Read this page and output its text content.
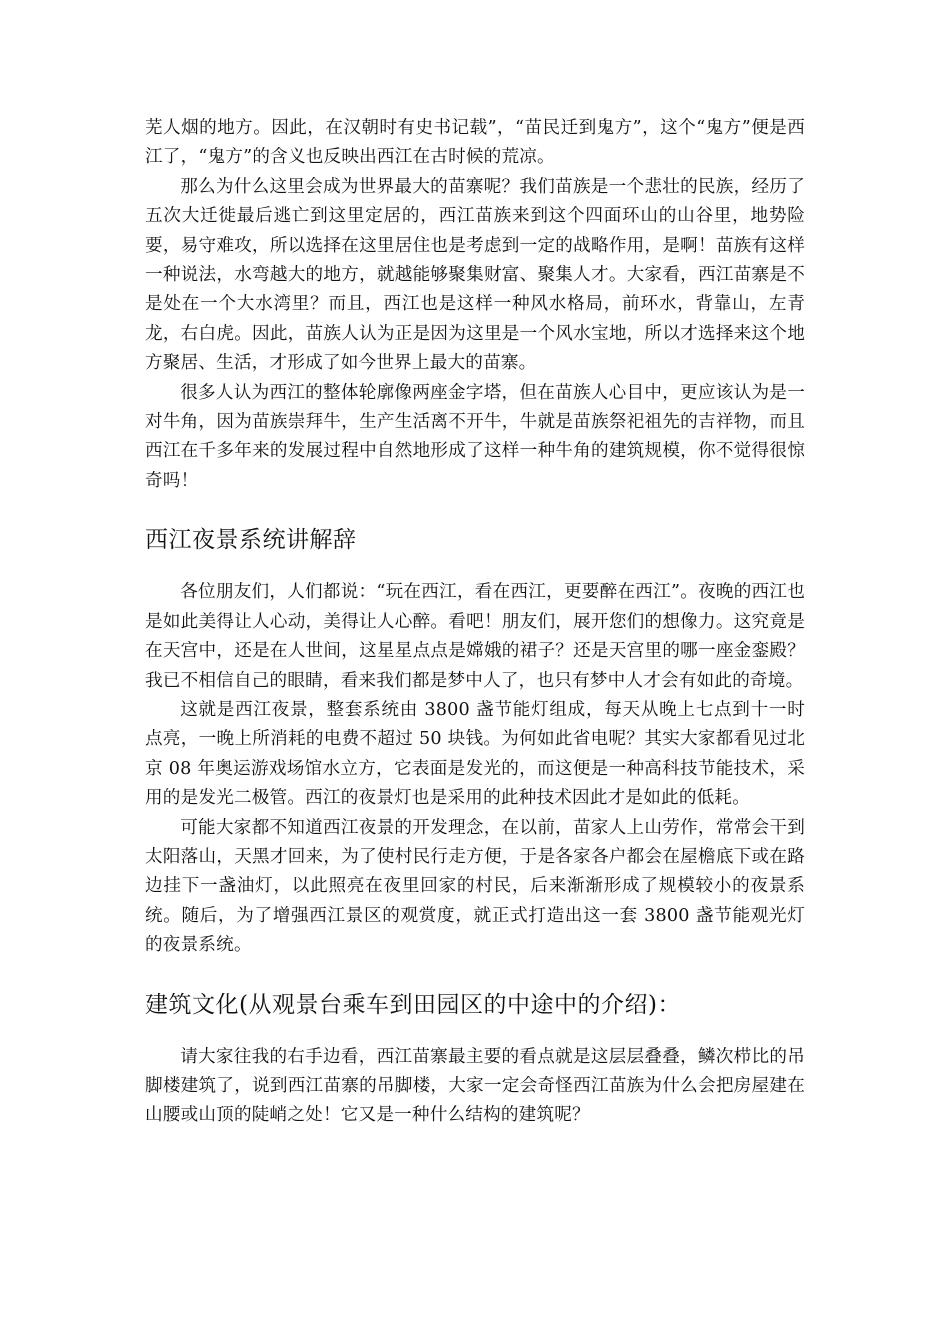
芜人烟的地方。因此，在汉朝时有史书记载”，“苗民迁到鬼方”，这个“鬼方”便是西江了，“鬼方”的含义也反映出西江在古时候的荒凉。

那么为什么这里会成为世界最大的苗寨呢？我们苗族是一个悲壮的民族，经历了五次大迁徙最后逃亡到这里定居的，西江苗族来到这个四面环山的山谷里，地势险要，易守难攻，所以选择在这里居住也是考虑到一定的战略作用，是啊！苗族有这样一种说法，水弯越大的地方，就越能够聚集财富、聚集人才。大家看，西江苗寨是不是处在一个大水湾里？而且，西江也是这样一种风水格局，前环水，背靠山，左青龙，右白虎。因此，苗族人认为正是因为这里是一个风水宝地，所以才选择来这个地方聚居、生活，才形成了如今世界上最大的苗寨。

很多人认为西江的整体轮廓像两座金字塔，但在苗族人心目中，更应该认为是一对牛角，因为苗族崇拜牛，生产生活离不开牛，牛就是苗族祭祀祖先的吉祥物，而且西江在千多年来的发展过程中自然地形成了这样一种牛角的建筑规模，你不觉得很惊奇吗！

西江夜景系统讲解辞

各位朋友们，人们都说：“玩在西江，看在西江，更要醉在西江”。夜晚的西江也是如此美得让人心动，美得让人心醉。看吧！朋友们，展开您们的想像力。这究竟是在天宫中，还是在人世间，这星星点点是嫦娥的裙子？还是天宫里的哪一座金銮殿？我已不相信自己的眼睛，看来我们都是梦中人了，也只有梦中人才会有如此的奇境。

这就是西江夜景，整套系统由 3800 盏节能灯组成，每天从晚上七点到十一时点亮，一晚上所消耗的电费不超过 50 块钱。为何如此省电呢？其实大家都看见过北京 08 年奥运游戏场馆水立方，它表面是发光的，而这便是一种高科技节能技术，采用的是发光二极管。西江的夜景灯也是采用的此种技术因此才是如此的低耗。

可能大家都不知道西江夜景的开发理念，在以前，苗家人上山劳作，常常会干到太阳落山，天黑才回来，为了使村民行走方便，于是各家各户都会在屋檐底下或在路边挂下一盏油灯，以此照亮在夜里回家的村民，后来渐渐形成了规模较小的夜景系统。随后，为了增强西江景区的观赏度，就正式打造出这一套 3800 盏节能观光灯的夜景系统。

建筑文化(从观景台乘车到田园区的中途中的介绍)：

请大家往我的右手边看，西江苗寨最主要的看点就是这层层叠叠，鳞次栉比的吊脚楼建筑了，说到西江苗寨的吊脚楼，大家一定会奇怪西江苗族为什么会把房屋建在山腰或山顶的陡峭之处！它又是一种什么结构的建筑呢？
